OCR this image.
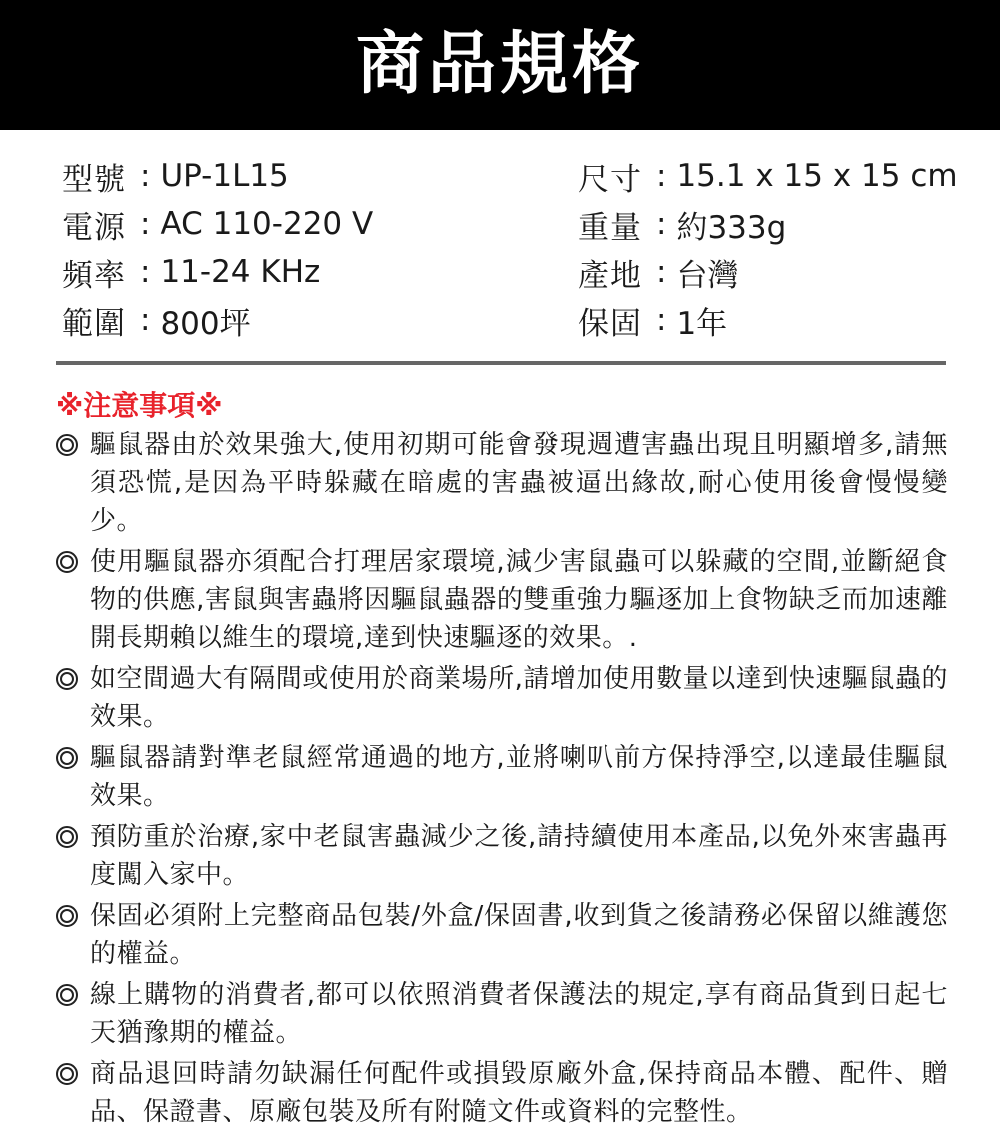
商品規格
型號 : UP-1L15
電源 : AC 110-220 V
頻率 : 11-24 KHz
範圍 : 800坪
尺寸 : 15.1 x 15 x 15 cm
重量 : 約333g
產地 : 台灣
保固 : 1年
※注意事項※
驅鼠器由於效果強大,使用初期可能會發現週遭害蟲出現且明顯增多,請無須恐慌,是因為平時躲藏在暗處的害蟲被逼出緣故,耐心使用後會慢慢變少。
使用驅鼠器亦須配合打理居家環境,減少害鼠蟲可以躲藏的空間,並斷絕食物的供應,害鼠與害蟲將因驅鼠蟲器的雙重強力驅逐加上食物缺乏而加速離開長期賴以維生的環境,達到快速驅逐的效果。.
如空間過大有隔間或使用於商業場所,請增加使用數量以達到快速驅鼠蟲的效果。
驅鼠器請對準老鼠經常通過的地方,並將喇叭前方保持淨空,以達最佳驅鼠效果。
預防重於治療,家中老鼠害蟲減少之後,請持續使用本產品,以免外來害蟲再度闖入家中。
保固必須附上完整商品包裝/外盒/保固書,收到貨之後請務必保留以維護您的權益。
線上購物的消費者,都可以依照消費者保護法的規定,享有商品貨到日起七天猶豫期的權益。
商品退回時請勿缺漏任何配件或損毀原廠外盒,保持商品本體、配件、贈品、保證書、原廠包裝及所有附隨文件或資料的完整性。
